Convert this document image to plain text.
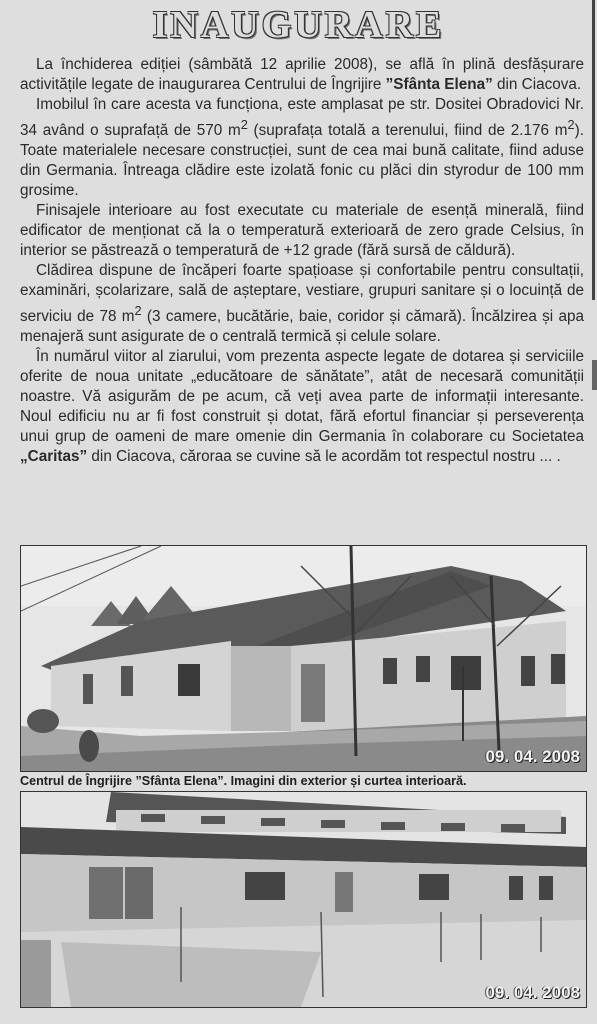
INAUGURARE

La închiderea ediției (sâmbătă 12 aprilie 2008), se află în plină desfășurare activitățile legate de inaugurarea Centrului de Îngrijire ”Sfânta Elena” din Ciacova.

Imobilul în care acesta va funcționa, este amplasat pe str. Dositei Obradovici Nr. 34 având o suprafață de 570 $m^2$ (suprafața totală a terenului, fiind de 2.176 $m^2$). Toate materialele necesare construcției, sunt de cea mai bună calitate, fiind aduse din Germania. Întreaga clădire este izolată fonic cu plăci din styrodur de 100 mm grosime.

Finisajele interioare au fost executate cu materiale de esență minerală, fiind edificator de menționat că la o temperatură exterioară de zero grade Celsius, în interior se păstrează o temperatură de +12 grade (fără sursă de căldură).

Clădirea dispune de încăperi foarte spațioase și confortabile pentru consultații, examinări, școlarizare, sală de așteptare, vestiare, grupuri sanitare și o locuință de serviciu de 78 $m^2$ (3 camere, bucătărie, baie, coridor și cămară). Încălzirea și apa menajeră sunt asigurate de o centrală termică și celule solare.

În numărul viitor al ziarului, vom prezenta aspecte legate de dotarea și serviciile oferite de noua unitate „educătoare de sănătate”, atât de necesară comunității noastre. Vă asigurăm de pe acum, că veți avea parte de informații interesante. Noul edificiu nu ar fi fost construit și dotat, fără efortul financiar și perseverența unui grup de oameni de mare omenie din Germania în colaborare cu Societatea „Caritas” din Ciacova, căroraa se cuvine să le acordăm tot respectul nostru ... .

09. 04. 2008
Centrul de Îngrijire ”Sfânta Elena”. Imagini din exterior și curtea interioară.
09. 04. 2008
